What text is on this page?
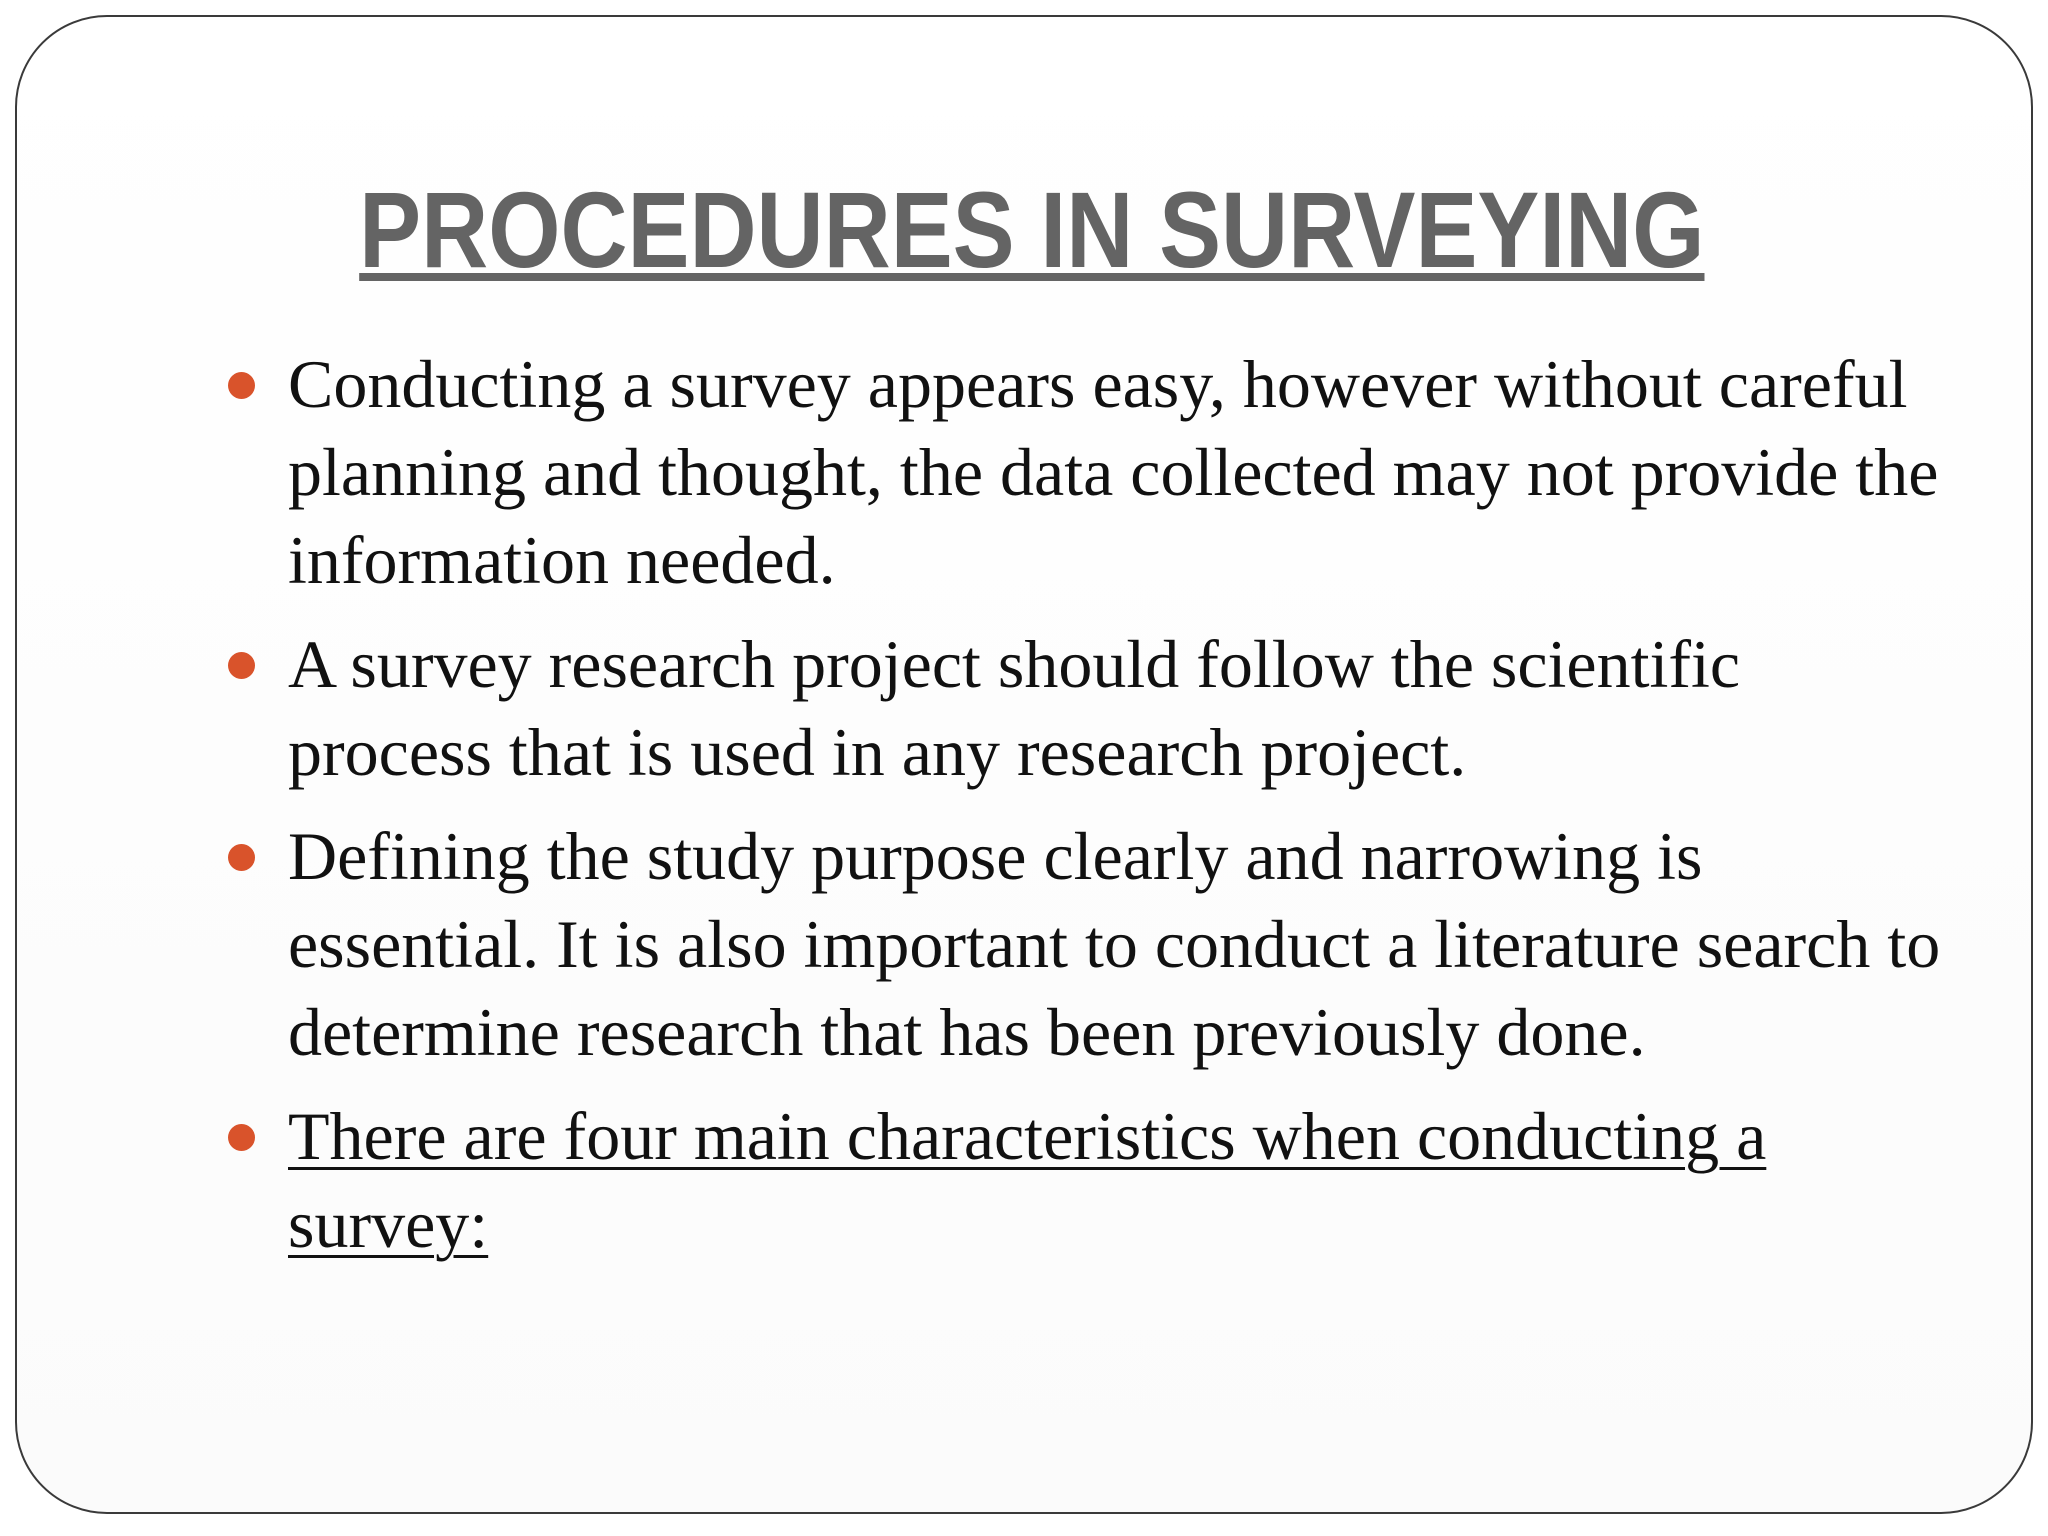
PROCEDURES IN SURVEYING
Conducting a survey appears easy, however without careful planning and thought, the data collected may not provide the information needed.
A survey research project should follow the scientific process that is used in any research project.
Defining the study purpose clearly and narrowing is essential. It is also important to conduct a literature search to determine research that has been previously done.
There are four main characteristics when conducting a survey:
